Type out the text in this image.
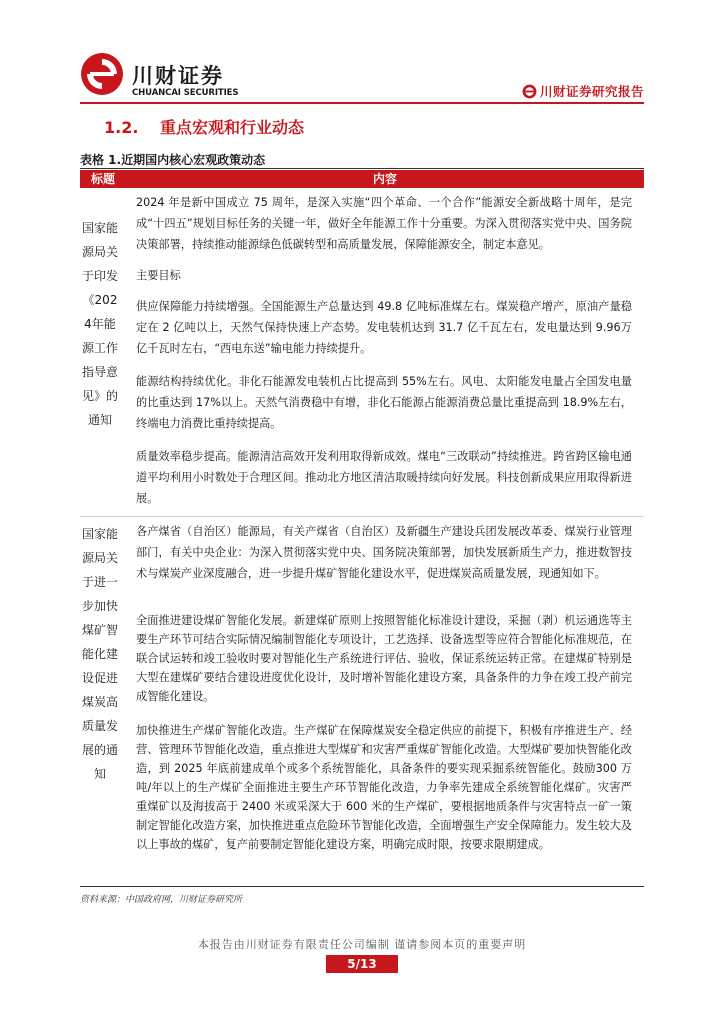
川财证券
CHUANCAI SECURITIES	川财证券研究报告
1.2. 重点宏观和行业动态
表格 1.近期国内核心宏观政策动态
标题	内容
国家能源局关于印发《2024年能源工作指导意见》的通知
2024 年是新中国成立 75 周年，是深入实施“四个革命、一个合作”能源安全新战略十周年，是完成“十四五”规划目标任务的关键一年，做好全年能源工作十分重要。为深入贯彻落实党中央、国务院决策部署，持续推动能源绿色低碳转型和高质量发展，保障能源安全，制定本意见。
主要目标
供应保障能力持续增强。全国能源生产总量达到 49.8 亿吨标准煤左右。煤炭稳产增产，原油产量稳定在 2 亿吨以上，天然气保持快速上产态势。发电装机达到 31.7 亿千瓦左右，发电量达到 9.96万亿千瓦时左右，“西电东送”输电能力持续提升。
能源结构持续优化。非化石能源发电装机占比提高到 55%左右。风电、太阳能发电量占全国发电量的比重达到 17%以上。天然气消费稳中有增，非化石能源占能源消费总量比重提高到 18.9%左右，终端电力消费比重持续提高。
质量效率稳步提高。能源清洁高效开发利用取得新成效。煤电“三改联动”持续推进。跨省跨区输电通道平均利用小时数处于合理区间。推动北方地区清洁取暖持续向好发展。科技创新成果应用取得新进展。
国家能源局关于进一步加快煤矿智能化建设促进煤炭高质量发展的通知
各产煤省（自治区）能源局，有关产煤省（自治区）及新疆生产建设兵团发展改革委、煤炭行业管理部门，有关中央企业：为深入贯彻落实党中央、国务院决策部署，加快发展新质生产力，推进数智技术与煤炭产业深度融合，进一步提升煤矿智能化建设水平，促进煤炭高质量发展，现通知如下。
全面推进建设煤矿智能化发展。新建煤矿原则上按照智能化标准设计建设，采掘（剥）机运通选等主要生产环节可结合实际情况编制智能化专项设计，工艺选择、设备选型等应符合智能化标准规范，在联合试运转和竣工验收时要对智能化生产系统进行评估、验收，保证系统运转正常。在建煤矿特别是大型在建煤矿要结合建设进度优化设计，及时增补智能化建设方案，具备条件的力争在竣工投产前完成智能化建设。
加快推进生产煤矿智能化改造。生产煤矿在保障煤炭安全稳定供应的前提下，积极有序推进生产、经营、管理环节智能化改造，重点推进大型煤矿和灾害严重煤矿智能化改造。大型煤矿要加快智能化改造，到 2025 年底前建成单个或多个系统智能化，具备条件的要实现采掘系统智能化。鼓励300 万吨/年以上的生产煤矿全面推进主要生产环节智能化改造，力争率先建成全系统智能化煤矿。灾害严重煤矿以及海拔高于 2400 米或采深大于 600 米的生产煤矿，要根据地质条件与灾害特点一矿一策制定智能化改造方案，加快推进重点危险环节智能化改造，全面增强生产安全保障能力。发生较大及以上事故的煤矿，复产前要制定智能化建设方案，明确完成时限，按要求限期建成。
资料来源：中国政府网，川财证券研究所
本报告由川财证券有限责任公司编制 谨请参阅本页的重要声明
5/13
